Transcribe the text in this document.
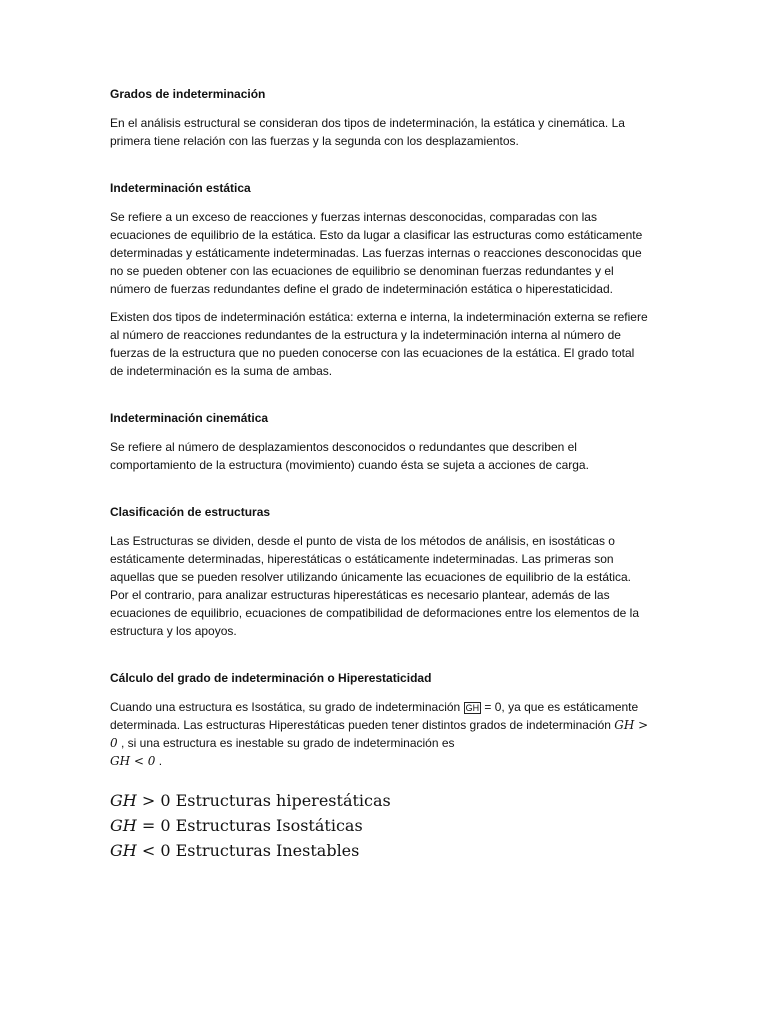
Grados de indeterminación

En el análisis estructural se consideran dos tipos de indeterminación, la estática y cinemática. La primera tiene relación con las fuerzas y la segunda con los desplazamientos.

Indeterminación estática

Se refiere a un exceso de reacciones y fuerzas internas desconocidas, comparadas con las ecuaciones de equilibrio de la estática. Esto da lugar a clasificar las estructuras como estáticamente determinadas y estáticamente indeterminadas. Las fuerzas internas o reacciones desconocidas que no se pueden obtener con las ecuaciones de equilibrio se denominan fuerzas redundantes y el número de fuerzas redundantes define el grado de indeterminación estática o hiperestaticidad.

Existen dos tipos de indeterminación estática: externa e interna, la indeterminación externa se refiere al número de reacciones redundantes de la estructura y la indeterminación interna al número de fuerzas de la estructura que no pueden conocerse con las ecuaciones de la estática. El grado total de indeterminación es la suma de ambas.

Indeterminación cinemática

Se refiere al número de desplazamientos desconocidos o redundantes que describen el comportamiento de la estructura (movimiento) cuando ésta se sujeta a acciones de carga.

Clasificación de estructuras

Las Estructuras se dividen, desde el punto de vista de los métodos de análisis, en isostáticas o estáticamente determinadas, hiperestáticas o estáticamente indeterminadas. Las primeras son aquellas que se pueden resolver utilizando únicamente las ecuaciones de equilibrio de la estática. Por el contrario, para analizar estructuras hiperestáticas es necesario plantear, además de las ecuaciones de equilibrio, ecuaciones de compatibilidad de deformaciones entre los elementos de la estructura y los apoyos.

Cálculo del grado de indeterminación o Hiperestaticidad

Cuando una estructura es Isostática, su grado de indeterminación GH = 0, ya que es estáticamente determinada. Las estructuras Hiperestáticas pueden tener distintos grados de indeterminación GH > 0 , si una estructura es inestable su grado de indeterminación es
GH < 0 .

GH > 0 Estructuras hiperestáticas
GH = 0 Estructuras Isostáticas
GH < 0 Estructuras Inestables
